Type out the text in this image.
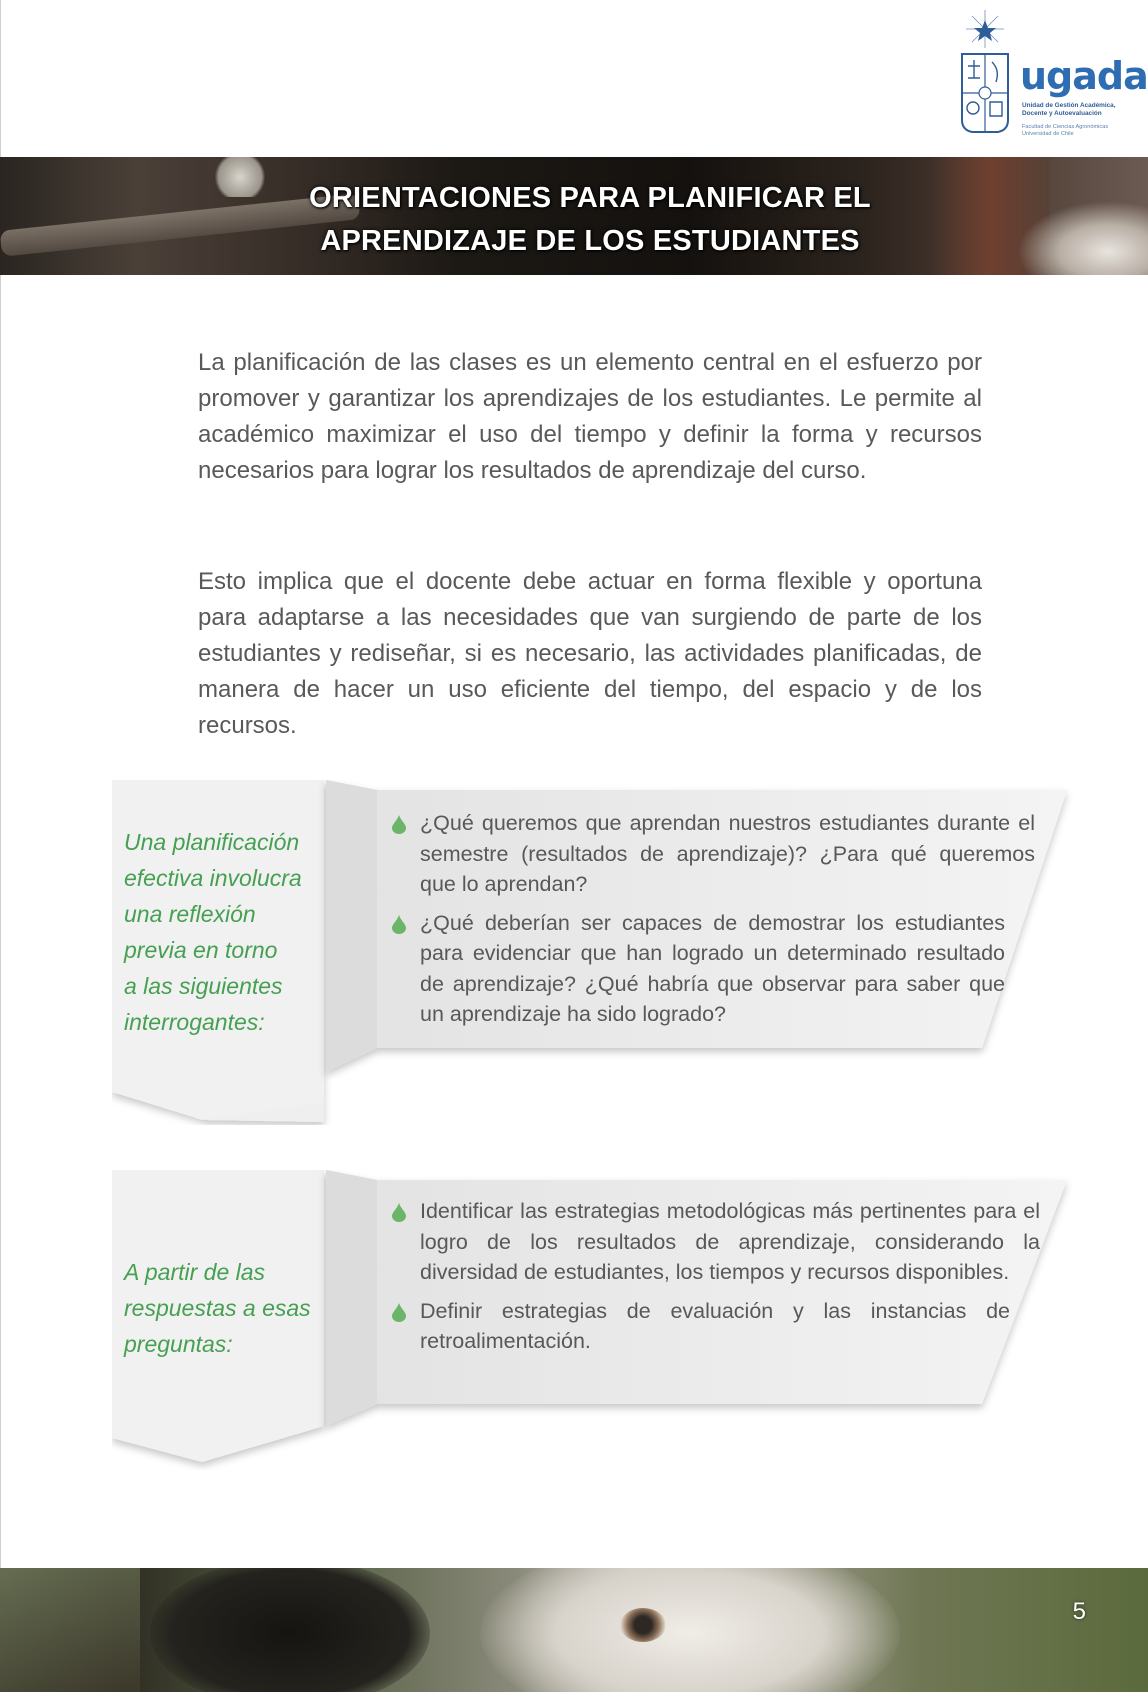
ugada
Unidad de Gestión Académica,
Docente y Autoevaluación
Facultad de Ciencias Agronómicas
Universidad de Chile
ORIENTACIONES PARA PLANIFICAR EL
APRENDIZAJE DE LOS ESTUDIANTES

La planificación de las clases es un elemento central en el esfuerzo por promover y garantizar los aprendizajes de los estudiantes. Le permite al académico maximizar el uso del tiempo y definir la forma y recursos necesarios para lograr los resultados de aprendizaje del curso.

Esto implica que el docente debe actuar en forma flexible y oportuna para adaptarse a las necesidades que van surgiendo de parte de los estudiantes y rediseñar, si es necesario, las actividades planificadas, de manera de hacer un uso eficiente del tiempo, del espacio y de los recursos.

Una planificación
efectiva involucra
una reflexión
previa en torno
a las siguientes
interrogantes:
¿Qué queremos que aprendan nuestros estudiantes durante el semestre (resultados de aprendizaje)? ¿Para qué queremos que lo aprendan?
¿Qué deberían ser capaces de demostrar los estudiantes para evidenciar que han logrado un determinado resultado de aprendizaje? ¿Qué habría que observar para saber que un aprendizaje ha sido logrado?
A partir de las
respuestas a esas
preguntas:
Identificar las estrategias metodológicas más pertinentes para el logro de los resultados de aprendizaje, considerando la diversidad de estudiantes, los tiempos y recursos disponibles.
Definir estrategias de evaluación y las instancias de retroalimentación.
5
